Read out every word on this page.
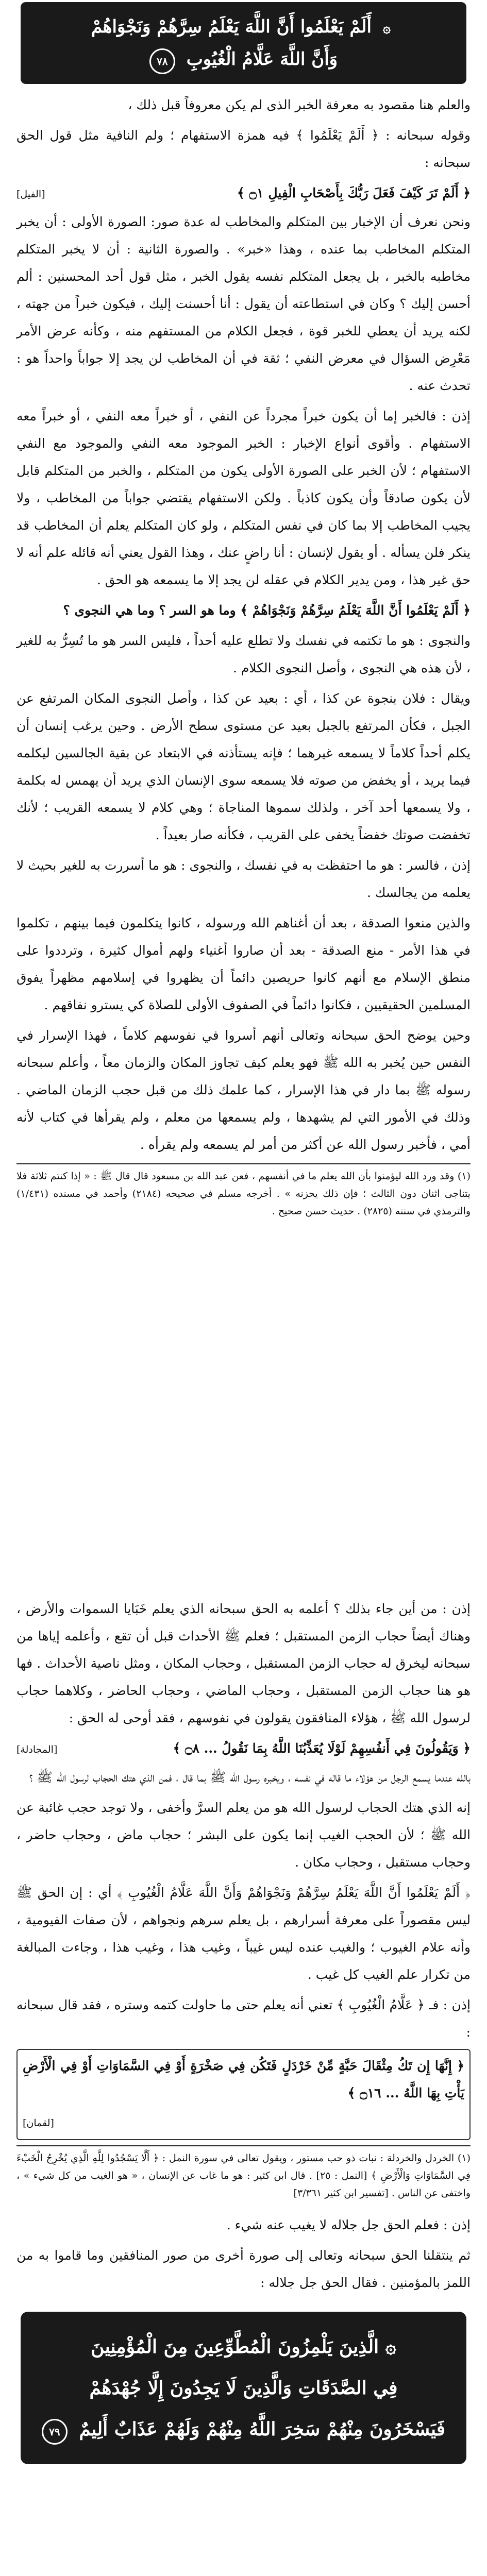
۞ أَلَمْ يَعْلَمُوا أَنَّ اللَّهَ يَعْلَمُ سِرَّهُمْ وَنَجْوَاهُمْ
وَأَنَّ اللَّهَ عَلَّامُ الْغُيُوبِ ٧٨

والعلم هنا مقصود به معرفة الخبر الذى لم يكن معروفاً قبل ذلك ،

وقوله سبحانه : ﴿ أَلَمْ يَعْلَمُوا ﴾ فيه همزة الاستفهام ؛ ولم النافية مثل قول الحق سبحانه :

﴿ أَلَمْ تَرَ كَيْفَ فَعَلَ رَبُّكَ بِأَصْحَابِ الْفِيلِ ۝١ ﴾
[الفيل]

ونحن نعرف أن الإخبار بين المتكلم والمخاطب له عدة صور: الصورة الأولى : أن يخبر المتكلم المخاطب بما عنده ، وهذا «خبر» . والصورة الثانية : أن لا يخبر المتكلم مخاطبه بالخبر ، بل يجعل المتكلم نفسه يقول الخبر ، مثل قول أحد المحسنين : ألم أحسن إليك ؟ وكان في استطاعته أن يقول : أنا أحسنت إليك ، فيكون خبراً من جهته ، لكنه يريد أن يعطي للخبر قوة ، فجعل الكلام من المستفهم منه ، وكأنه عرض الأمر مَعْرِض السؤال في معرض النفي ؛ ثقة في أن المخاطب لن يجد إلا جواباً واحداً هو : تحدث عنه .

إذن : فالخبر إما أن يكون خبراً مجرداً عن النفي ، أو خبراً معه النفي ، أو خبراً معه الاستفهام . وأقوى أنواع الإخبار : الخبر الموجود معه النفي والموجود مع النفي الاستفهام ؛ لأن الخبر على الصورة الأولى يكون من المتكلم ، والخبر من المتكلم قابل لأن يكون صادقاً وأن يكون كاذباً . ولكن الاستفهام يقتضي جواباً من المخاطب ، ولا يجيب المخاطب إلا بما كان في نفس المتكلم ، ولو كان المتكلم يعلم أن المخاطب قد ينكر فلن يسأله . أو يقول لإنسان : أنا راضٍ عنك ، وهذا القول يعني أنه قائله علم أنه لا حق غير هذا ، ومن يدير الكلام في عقله لن يجد إلا ما يسمعه هو الحق .

﴿ أَلَمْ يَعْلَمُوا أَنَّ اللَّهَ يَعْلَمُ سِرَّهُمْ وَنَجْوَاهُمْ ﴾ وما هو السر ؟ وما هي النجوى ؟

والنجوى : هو ما تكتمه في نفسك ولا تطلع عليه أحداً ، فليس السر هو ما تُسِرُّ به للغير ، لأن هذه هي النجوى ، وأصل النجوى الكلام .

ويقال : فلان بنجوة عن كذا ، أي : بعيد عن كذا ، وأصل النجوى المكان المرتفع عن الجبل ، فكأن المرتفع بالجبل بعيد عن مستوى سطح الأرض . وحين يرغب إنسان أن يكلم أحداً كلاماً لا يسمعه غيرهما ؛ فإنه يستأذنه في الابتعاد عن بقية الجالسين ليكلمه فيما يريد ، أو يخفض من صوته فلا يسمعه سوى الإنسان الذي يريد أن يهمس له بكلمة ، ولا يسمعها أحد آخر ، ولذلك سموها المناجاة ؛ وهي كلام لا يسمعه القريب ؛ لأنك تخفضت صوتك خفضاً يخفى على القريب ، فكأنه صار بعيداً .

إذن ، فالسر : هو ما احتفظت به في نفسك ، والنجوى : هو ما أسررت به للغير بحيث لا يعلمه من يجالسك .

والذين منعوا الصدقة ، بعد أن أغناهم الله ورسوله ، كانوا يتكلمون فيما بينهم ، تكلموا في هذا الأمر - منع الصدقة - بعد أن صاروا أغنياء ولهم أموال كثيرة ، وترددوا على منطق الإسلام مع أنهم كانوا حريصين دائماً أن يظهروا في إسلامهم مظهراً يفوق المسلمين الحقيقيين ، فكانوا دائماً في الصفوف الأولى للصلاة كي يسترو نفاقهم .

وحين يوضح الحق سبحانه وتعالى أنهم أسروا في نفوسهم كلاماً ، فهذا الإسرار في النفس حين يُخبر به الله ﷺ فهو يعلم كيف تجاوز المكان والزمان معاً ، وأعلم سبحانه رسوله ﷺ بما دار في هذا الإسرار ، كما علمك ذلك من قبل حجب الزمان الماضي . وذلك في الأمور التي لم يشهدها ، ولم يسمعها من معلم ، ولم يقرأها في كتاب لأنه أمي ، فأخبر رسول الله عن أكثر من أمر لم يسمعه ولم يقرأه .

(١) وقد ورد الله ليؤمنوا بأن الله يعلم ما في أنفسهم ، فعن عبد الله بن مسعود قال قال ﷺ : « إذا كنتم ثلاثة فلا يتناجى اثنان دون الثالث ؛ فإن ذلك يحزنه » . أخرجه مسلم في صحيحه (٢١٨٤) وأحمد في مسنده (١/٤٣١) والترمذي في سننه (٢٨٢٥) . حديث حسن صحيح .

إذن : من أين جاء بذلك ؟ أعلمه به الحق سبحانه الذي يعلم خَبَايا السموات والأرض ، وهناك أيضاً حجاب الزمن المستقبل ؛ فعلم ﷺ الأحداث قبل أن تقع ، وأعلمه إياها من سبحانه ليخرق له حجاب الزمن المستقبل ، وحجاب المكان ، ومثل ناصية الأحداث . فها هو هنا حجاب الزمن المستقبل ، وحجاب الماضي ، وحجاب الحاضر ، وكلاهما حجاب لرسول الله ﷺ ، هؤلاء المنافقون يقولون في نفوسهم ، فقد أوحى له الحق :

﴿ وَيَقُولُونَ فِي أَنفُسِهِمْ لَوْلَا يُعَذِّبُنَا اللَّهُ بِمَا نَقُولُ ... ۝٨ ﴾
[المجادلة]

بالله عندما يسمع الرجل من هؤلاء ما قاله في نفسه ، ويخبره رسول الله ﷺ بما قال ، فمن الذي هتك الحجاب لرسول الله ﷺ ؟

إنه الذي هتك الحجاب لرسول الله هو من يعلم السرَّ وأخفى ، ولا توجد حجب غائبة عن الله ﷺ ؛ لأن الحجب الغيب إنما يكون على البشر ؛ حجاب ماض ، وحجاب حاضر ، وحجاب مستقبل ، وحجاب مكان .

﴿ أَلَمْ يَعْلَمُوا أَنَّ اللَّهَ يَعْلَمُ سِرَّهُمْ وَنَجْوَاهُمْ وَأَنَّ اللَّهَ عَلَّامُ الْغُيُوبِ ﴾ أي : إن الحق ﷺ ليس مقصوراً على معرفة أسرارهم ، بل يعلم سرهم ونجواهم ، لأن صفات الفيومية ، وأنه علام الغيوب ؛ والغيب عنده ليس غيباً ، وغيب هذا ، وغيب هذا ، وجاءت المبالغة من تكرار علم الغيب كل غيب .

إذن : فـ ﴿ عَلَّامُ الْغُيُوبِ ﴾ تعني أنه يعلم حتى ما حاولت كتمه وستره ، فقد قال سبحانه :

﴿ إِنَّهَا إِن تَكُ مِثْقَالَ حَبَّةٍ مِّنْ خَرْدَلٍ فَتَكُن فِي صَخْرَةٍ أَوْ فِي السَّمَاوَاتِ أَوْ فِي الْأَرْضِ يَأْتِ بِهَا اللَّهُ ... ۝١٦ ﴾

[لقمان]

(١) الخردل والخردلة : نبات ذو حب مستور ، ويقول تعالى في سورة النمل : ﴿ أَلَّا يَسْجُدُوا لِلَّهِ الَّذِي يُخْرِجُ الْخَبْءَ فِي السَّمَاوَاتِ وَالْأَرْضِ ﴾ [النمل : ٢٥] . قال ابن كثير : هو ما غاب عن الإنسان ، « هو الغيب من كل شيء » ، واختفى عن الناس . [تفسير ابن كثير ٣/٣٦١]

إذن : فعلم الحق جل جلاله لا يغيب عنه شيء .

ثم ينتقلنا الحق سبحانه وتعالى إلى صورة أخرى من صور المنافقين وما قاموا به من اللمز بالمؤمنين . فقال الحق جل جلاله :

۞ الَّذِينَ يَلْمِزُونَ الْمُطَّوِّعِينَ مِنَ الْمُؤْمِنِينَ
فِي الصَّدَقَاتِ وَالَّذِينَ لَا يَجِدُونَ إِلَّا جُهْدَهُمْ
فَيَسْخَرُونَ مِنْهُمْ سَخِرَ اللَّهُ مِنْهُمْ وَلَهُمْ عَذَابٌ أَلِيمٌ ٧٩
